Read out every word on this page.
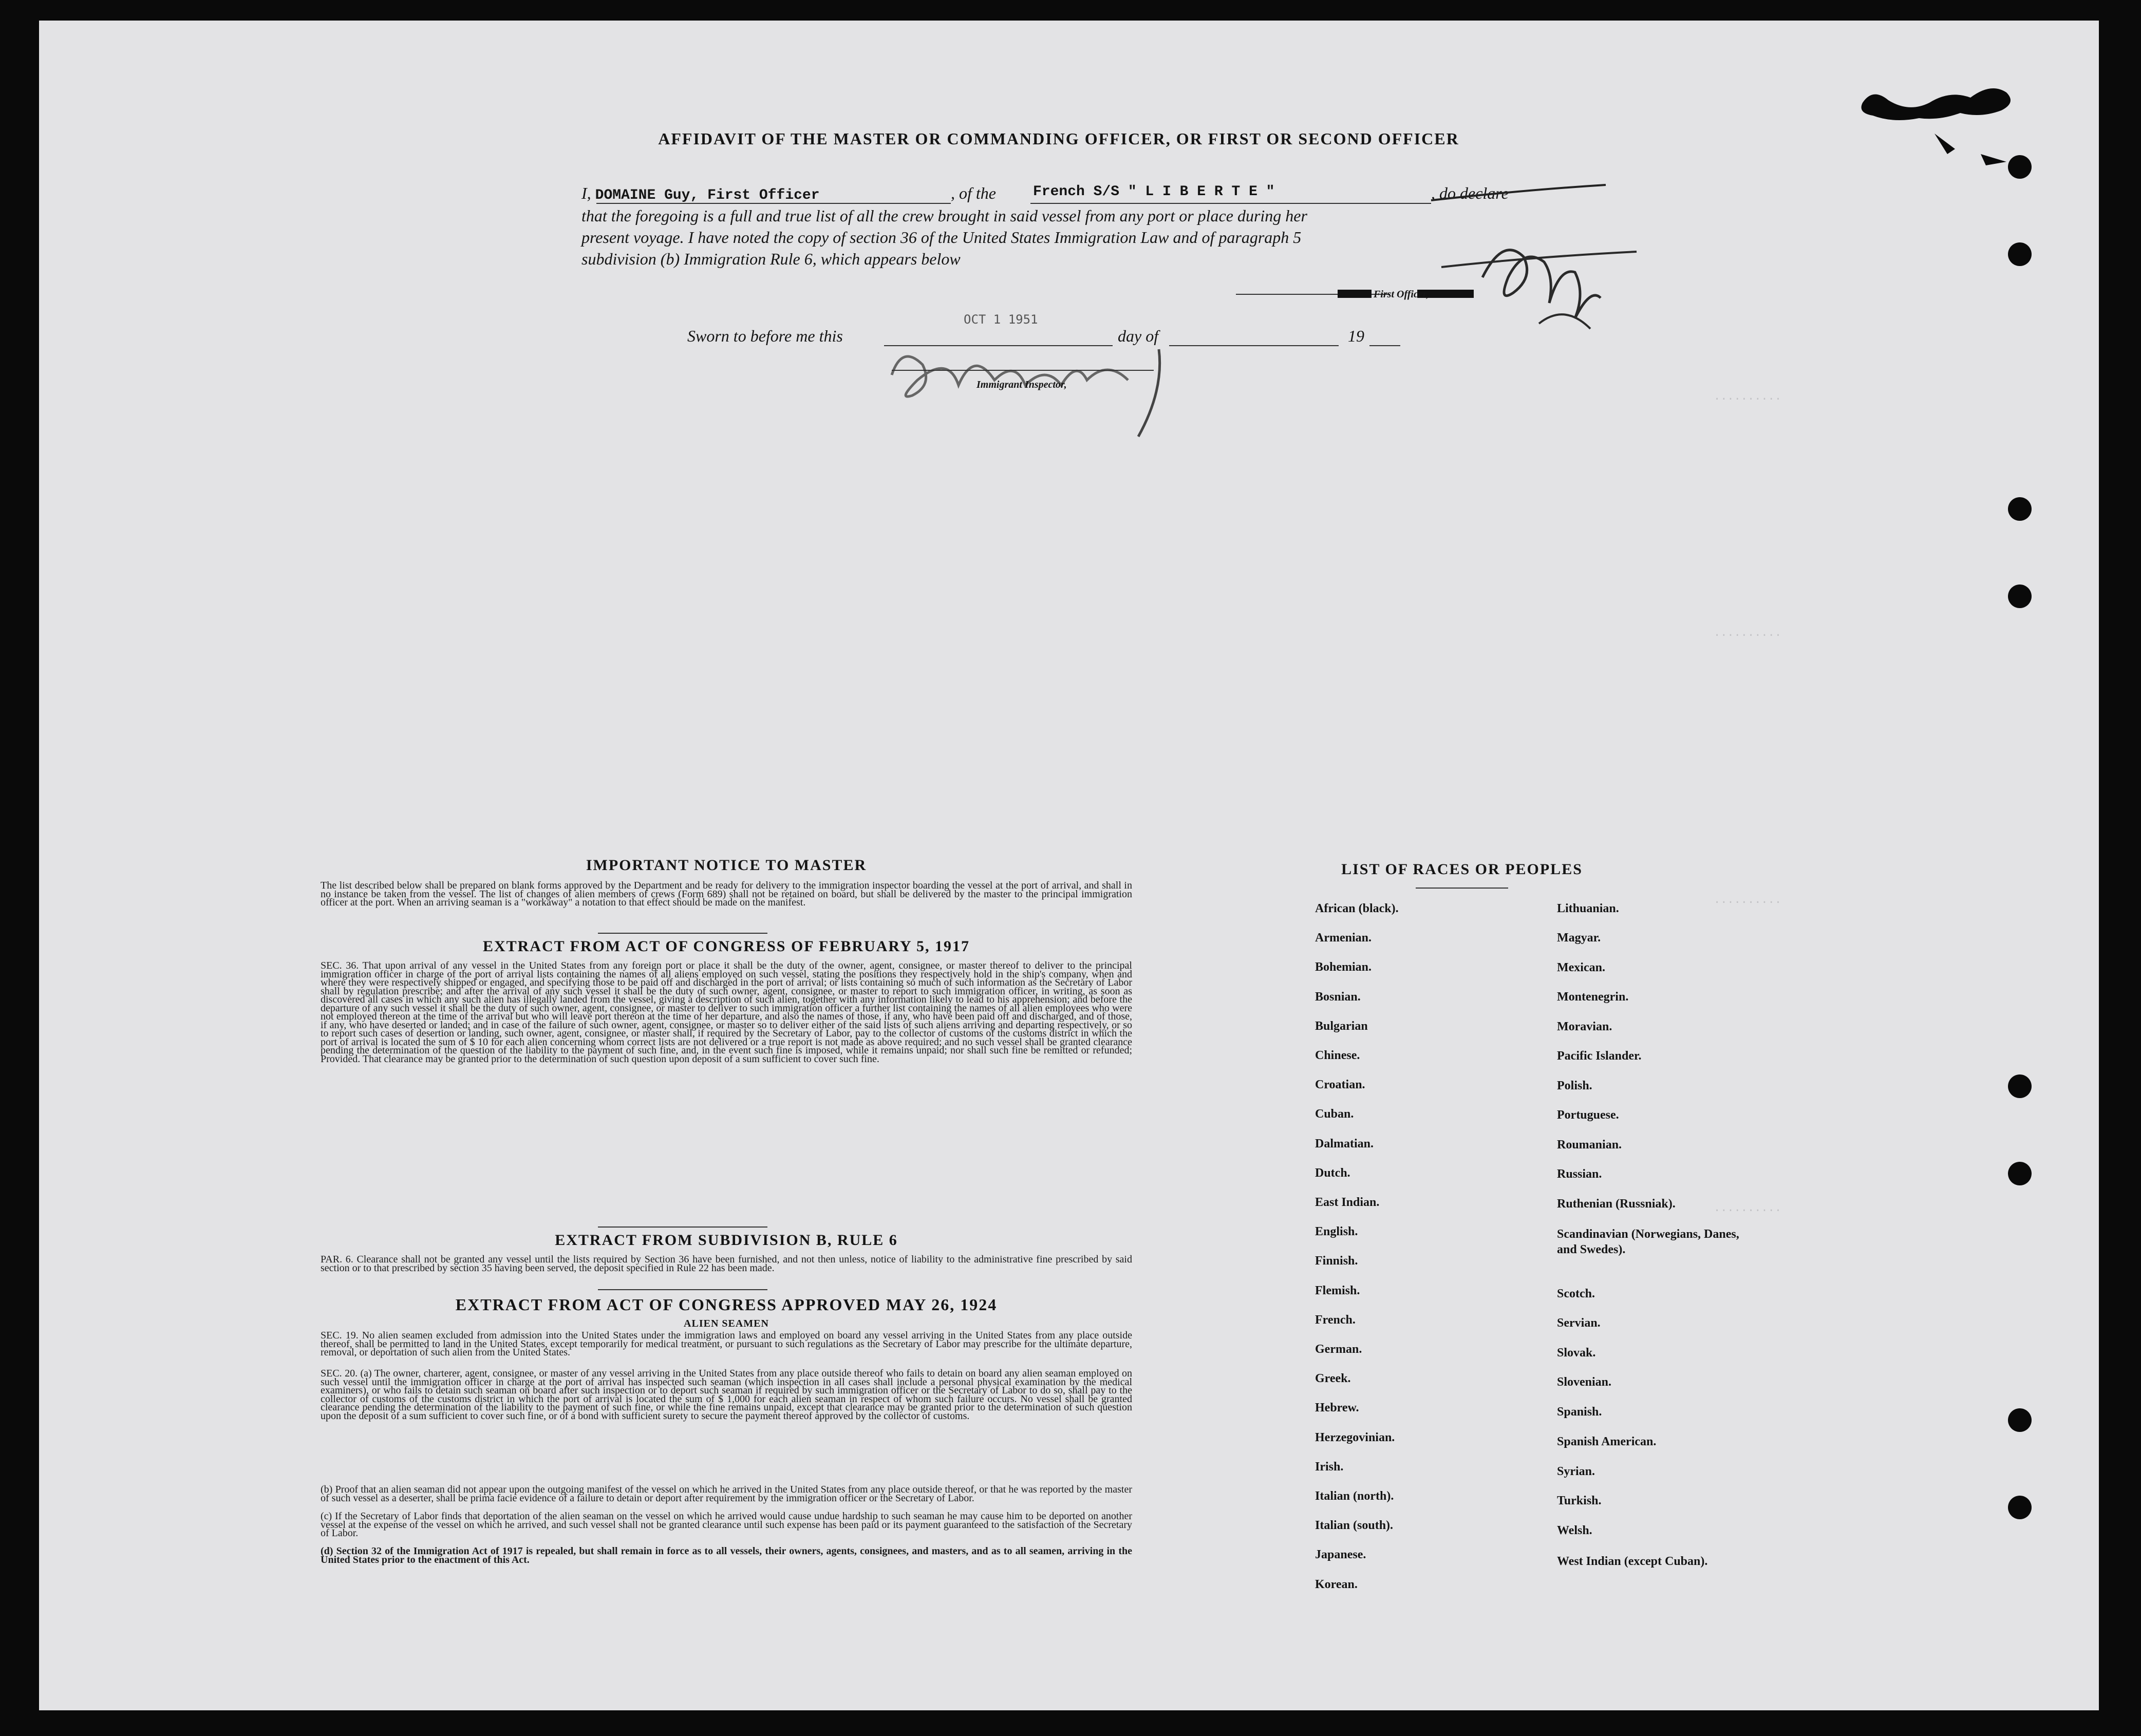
..........
..........
..........
..........
AFFIDAVIT OF THE MASTER OR COMMANDING OFFICER, OR FIRST OR SECOND OFFICER
I, DOMAINE Guy, First Officer	, of the	French S/S " L I B E R T E "	, do declare
that the foregoing is a full and true list of all the crew brought in said vessel from any port or place during her
present voyage. I have noted the copy of section 36 of the United States Immigration Law and of paragraph 5
subdivision (b) Immigration Rule 6, which appears below
First Officer,
Sworn to before me this
OCT 1 1951
day of	19
Immigrant Inspector,
IMPORTANT NOTICE TO MASTER
The list described below shall be prepared on blank forms approved by the Department and be ready for delivery to the immigration inspector boarding the vessel at the port of arrival, and shall in no instance be taken from the vessel. The list of changes of alien members of crews (Form 689) shall not be retained on board, but shall be delivered by the master to the principal immigration officer at the port. When an arriving seaman is a "workaway" a notation to that effect should be made on the manifest.
EXTRACT FROM ACT OF CONGRESS OF FEBRUARY 5, 1917
SEC. 36. That upon arrival of any vessel in the United States from any foreign port or place it shall be the duty of the owner, agent, consignee, or master thereof to deliver to the principal immigration officer in charge of the port of arrival lists containing the names of all aliens employed on such vessel, stating the positions they respectively hold in the ship's company, when and where they were respectively shipped or engaged, and specifying those to be paid off and discharged in the port of arrival; or lists containing so much of such information as the Secretary of Labor shall by regulation prescribe; and after the arrival of any such vessel it shall be the duty of such owner, agent, consignee, or master to report to such immigration officer, in writing, as soon as discovered all cases in which any such alien has illegally landed from the vessel, giving a description of such alien, together with any information likely to lead to his apprehension; and before the departure of any such vessel it shall be the duty of such owner, agent, consignee, or master to deliver to such immigration officer a further list containing the names of all alien employees who were not employed thereon at the time of the arrival but who will leave port thereon at the time of her departure, and also the names of those, if any, who have been paid off and discharged, and of those, if any, who have deserted or landed; and in case of the failure of such owner, agent, consignee, or master so to deliver either of the said lists of such aliens arriving and departing respectively, or so to report such cases of desertion or landing, such owner, agent, consignee, or master shall, if required by the Secretary of Labor, pay to the collector of customs of the customs district in which the port of arrival is located the sum of $ 10 for each alien concerning whom correct lists are not delivered or a true report is not made as above required; and no such vessel shall be granted clearance pending the determination of the question of the liability to the payment of such fine, and, in the event such fine is imposed, while it remains unpaid; nor shall such fine be remitted or refunded; Provided. That clearance may be granted prior to the determination of such question upon deposit of a sum sufficient to cover such fine.
EXTRACT FROM SUBDIVISION B, RULE 6
PAR. 6. Clearance shall not be granted any vessel until the lists required by Section 36 have been furnished, and not then unless, notice of liability to the administrative fine prescribed by said section or to that prescribed by section 35 having been served, the deposit specified in Rule 22 has been made.
EXTRACT FROM ACT OF CONGRESS APPROVED MAY 26, 1924
ALIEN SEAMEN
SEC. 19. No alien seamen excluded from admission into the United States under the immigration laws and employed on board any vessel arriving in the United States from any place outside thereof, shall be permitted to land in the United States, except temporarily for medical treatment, or pursuant to such regulations as the Secretary of Labor may prescribe for the ultimate departure, removal, or deportation of such alien from the United States.
SEC. 20. (a) The owner, charterer, agent, consignee, or master of any vessel arriving in the United States from any place outside thereof who fails to detain on board any alien seaman employed on such vessel until the immigration officer in charge at the port of arrival has inspected such seaman (which inspection in all cases shall include a personal physical examination by the medical examiners), or who fails to detain such seaman on board after such inspection or to deport such seaman if required by such immigration officer or the Secretary of Labor to do so, shall pay to the collector of customs of the customs district in which the port of arrival is located the sum of $ 1,000 for each alien seaman in respect of whom such failure occurs. No vessel shall be granted clearance pending the determination of the liability to the payment of such fine, or while the fine remains unpaid, except that clearance may be granted prior to the determination of such question upon the deposit of a sum sufficient to cover such fine, or of a bond with sufficient surety to secure the payment thereof approved by the collector of customs.
(b) Proof that an alien seaman did not appear upon the outgoing manifest of the vessel on which he arrived in the United States from any place outside thereof, or that he was reported by the master of such vessel as a deserter, shall be prima facie evidence of a failure to detain or deport after requirement by the immigration officer or the Secretary of Labor.
(c) If the Secretary of Labor finds that deportation of the alien seaman on the vessel on which he arrived would cause undue hardship to such seaman he may cause him to be deported on another vessel at the expense of the vessel on which he arrived, and such vessel shall not be granted clearance until such expense has been paid or its payment guaranteed to the satisfaction of the Secretary of Labor.
(d) Section 32 of the Immigration Act of 1917 is repealed, but shall remain in force as to all vessels, their owners, agents, consignees, and masters, and as to all seamen, arriving in the United States prior to the enactment of this Act.
LIST OF RACES OR PEOPLES
African (black).
Armenian.
Bohemian.
Bosnian.
Bulgarian
Chinese.
Croatian.
Cuban.
Dalmatian.
Dutch.
East Indian.
English.
Finnish.
Flemish.
French.
German.
Greek.
Hebrew.
Herzegovinian.
Irish.
Italian (north).
Italian (south).
Japanese.
Korean.
Lithuanian.
Magyar.
Mexican.
Montenegrin.
Moravian.
Pacific Islander.
Polish.
Portuguese.
Roumanian.
Russian.
Ruthenian (Russniak).
Scandinavian (Norwegians, Danes, and Swedes).
Scotch.
Servian.
Slovak.
Slovenian.
Spanish.
Spanish American.
Syrian.
Turkish.
Welsh.
West Indian (except Cuban).
